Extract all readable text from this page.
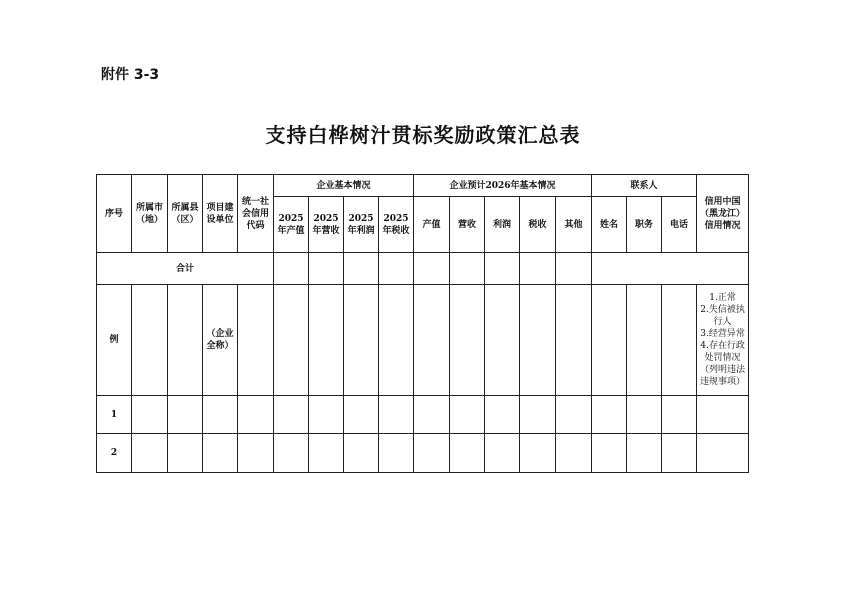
附件 3-3
支持白桦树汁贯标奖励政策汇总表
序号	所属市（地）	所属县（区）	项目建设单位	统一社会信用代码	企业基本情况				企业预计2026年基本情况					联系人			信用中国（黑龙江）信用情况
					2025年产值	2025年营收	2025年利润	2025年税收	产值	营收	利润	税收	其他	姓名	职务	电话	
合计																	
例			（企业全称）														1.正常
2.失信被执行人
3.经营异常
4.存在行政处罚情况（列明违法违规事项）
1																	
2																	
